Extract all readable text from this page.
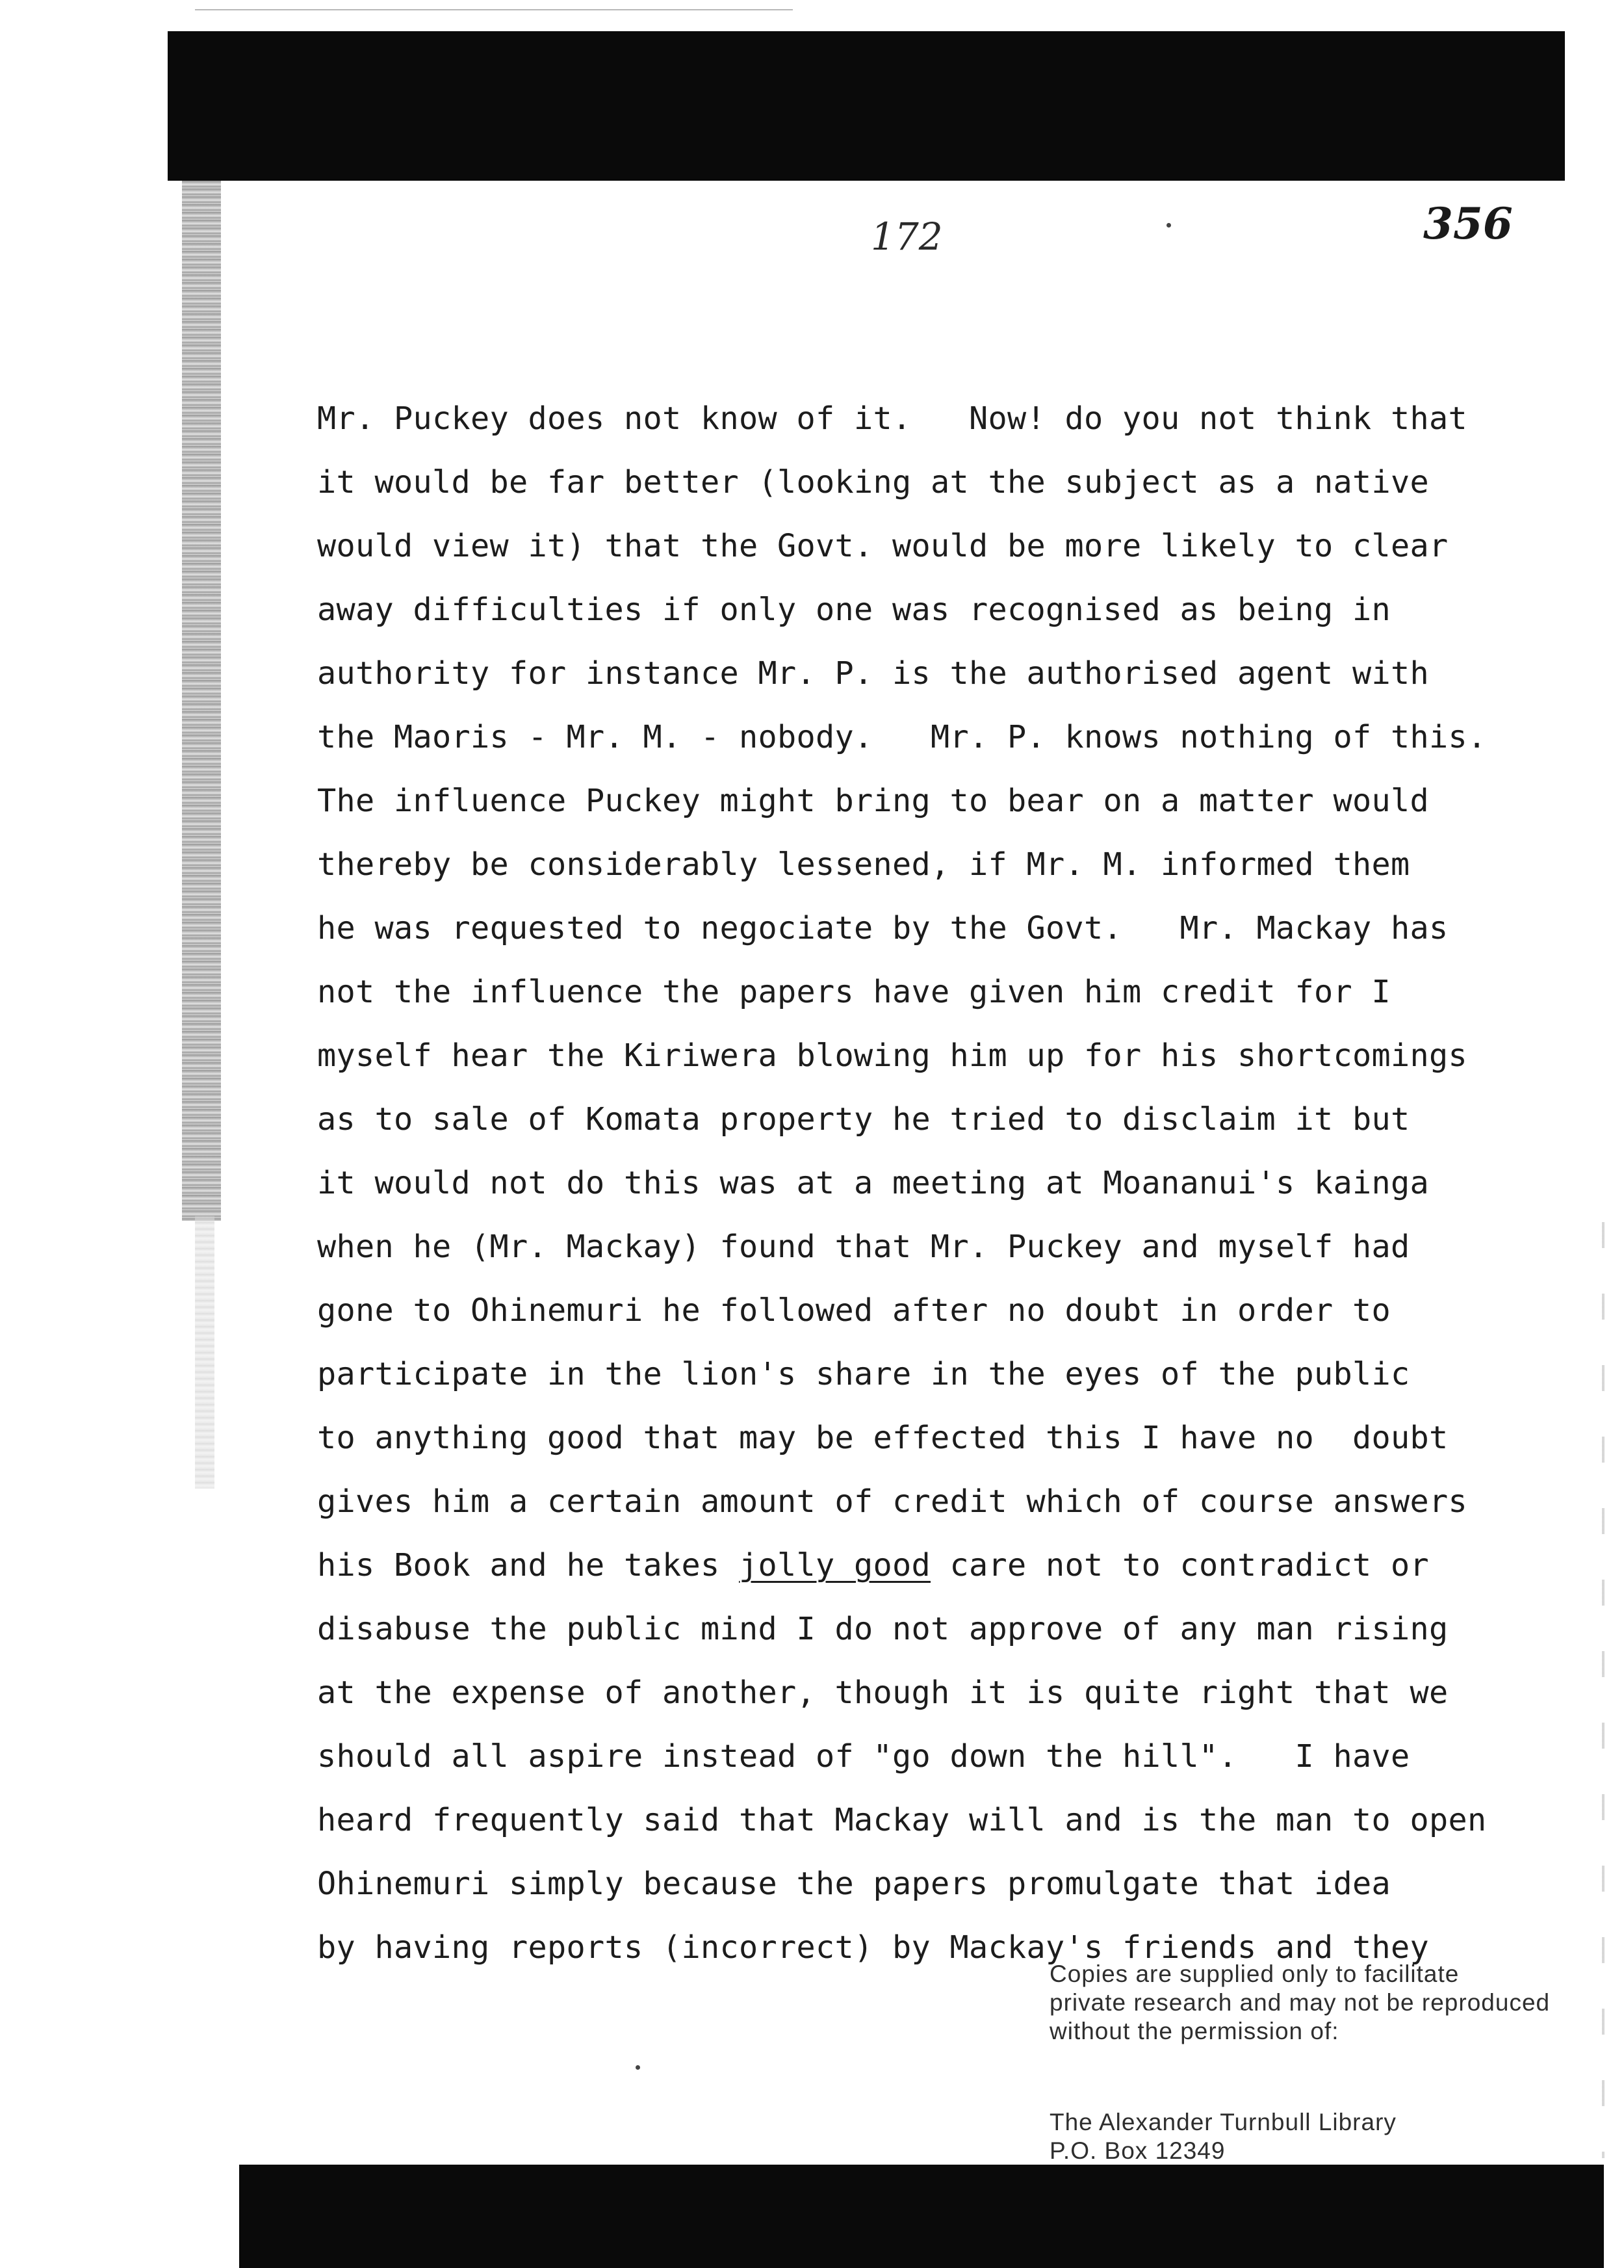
172	356
Mr. Puckey does not know of it.   Now! do you not think that
it would be far better (looking at the subject as a native
would view it) that the Govt. would be more likely to clear
away difficulties if only one was recognised as being in
authority for instance Mr. P. is the authorised agent with
the Maoris - Mr. M. - nobody.   Mr. P. knows nothing of this.
The influence Puckey might bring to bear on a matter would
thereby be considerably lessened, if Mr. M. informed them
he was requested to negociate by the Govt.   Mr. Mackay has
not the influence the papers have given him credit for I
myself hear the Kiriwera blowing him up for his shortcomings
as to sale of Komata property he tried to disclaim it but
it would not do this was at a meeting at Moananui's kainga
when he (Mr. Mackay) found that Mr. Puckey and myself had
gone to Ohinemuri he followed after no doubt in order to
participate in the lion's share in the eyes of the public
to anything good that may be effected this I have no  doubt
gives him a certain amount of credit which of course answers
his Book and he takes jolly good care not to contradict or
disabuse the public mind I do not approve of any man rising
at the expense of another, though it is quite right that we
should all aspire instead of "go down the hill".   I have
heard frequently said that Mackay will and is the man to open
Ohinemuri simply because the papers promulgate that idea
by having reports (incorrect) by Mackay's friends and they
Copies are supplied only to facilitate
private research and may not be reproduced
without the permission of:
The Alexander Turnbull Library
P.O. Box 12349
